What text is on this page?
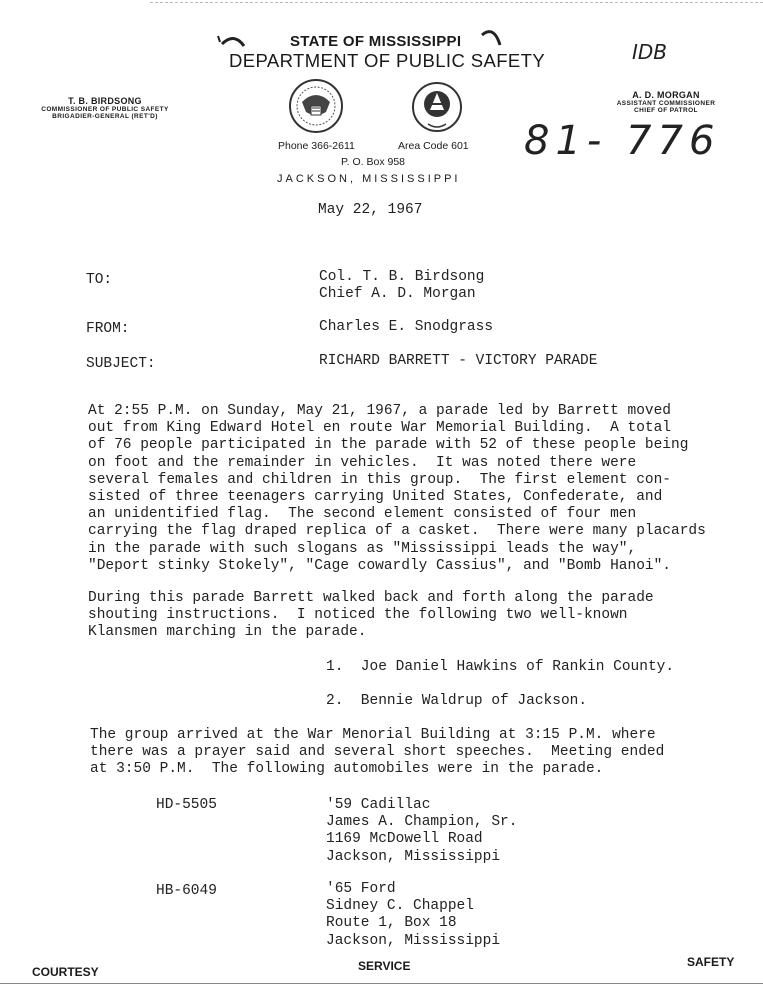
STATE OF MISSISSIPPI
DEPARTMENT OF PUBLIC SAFETY	IDB
T. B. BIRDSONG
COMMISSIONER OF PUBLIC SAFETY
BRIGADIER-GENERAL (RET'D)
A. D. MORGAN
ASSISTANT COMMISSIONER
CHIEF OF PATROL
Phone 366-2611	Area Code 601
P. O. Box 958
JACKSON, MISSISSIPPI
81- 776
May 22, 1967
TO:	Col. T. B. Birdsong
Chief A. D. Morgan
FROM:	Charles E. Snodgrass
SUBJECT:	RICHARD BARRETT - VICTORY PARADE

At 2:55 P.M. on Sunday, May 21, 1967, a parade led by Barrett moved

out from King Edward Hotel en route War Memorial Building.  A total

of 76 people participated in the parade with 52 of these people being

on foot and the remainder in vehicles.  It was noted there were

several females and children in this group.  The first element con-

sisted of three teenagers carrying United States, Confederate, and

an unidentified flag.  The second element consisted of four men

carrying the flag draped replica of a casket.  There were many placards

in the parade with such slogans as "Mississippi leads the way",

"Deport stinky Stokely", "Cage cowardly Cassius", and "Bomb Hanoi".

During this parade Barrett walked back and forth along the parade

shouting instructions.  I noticed the following two well-known

Klansmen marching in the parade.

1.  Joe Daniel Hawkins of Rankin County.
2.  Bennie Waldrup of Jackson.

The group arrived at the War Menorial Building at 3:15 P.M. where

there was a prayer said and several short speeches.  Meeting ended

at 3:50 P.M.  The following automobiles were in the parade.

HD-5505	'59 Cadillac

James A. Champion, Sr.

1169 McDowell Road

Jackson, Mississippi

HB-6049	'65 Ford

Sidney C. Chappel

Route 1, Box 18

Jackson, Mississippi

COURTESY	SERVICE	SAFETY
